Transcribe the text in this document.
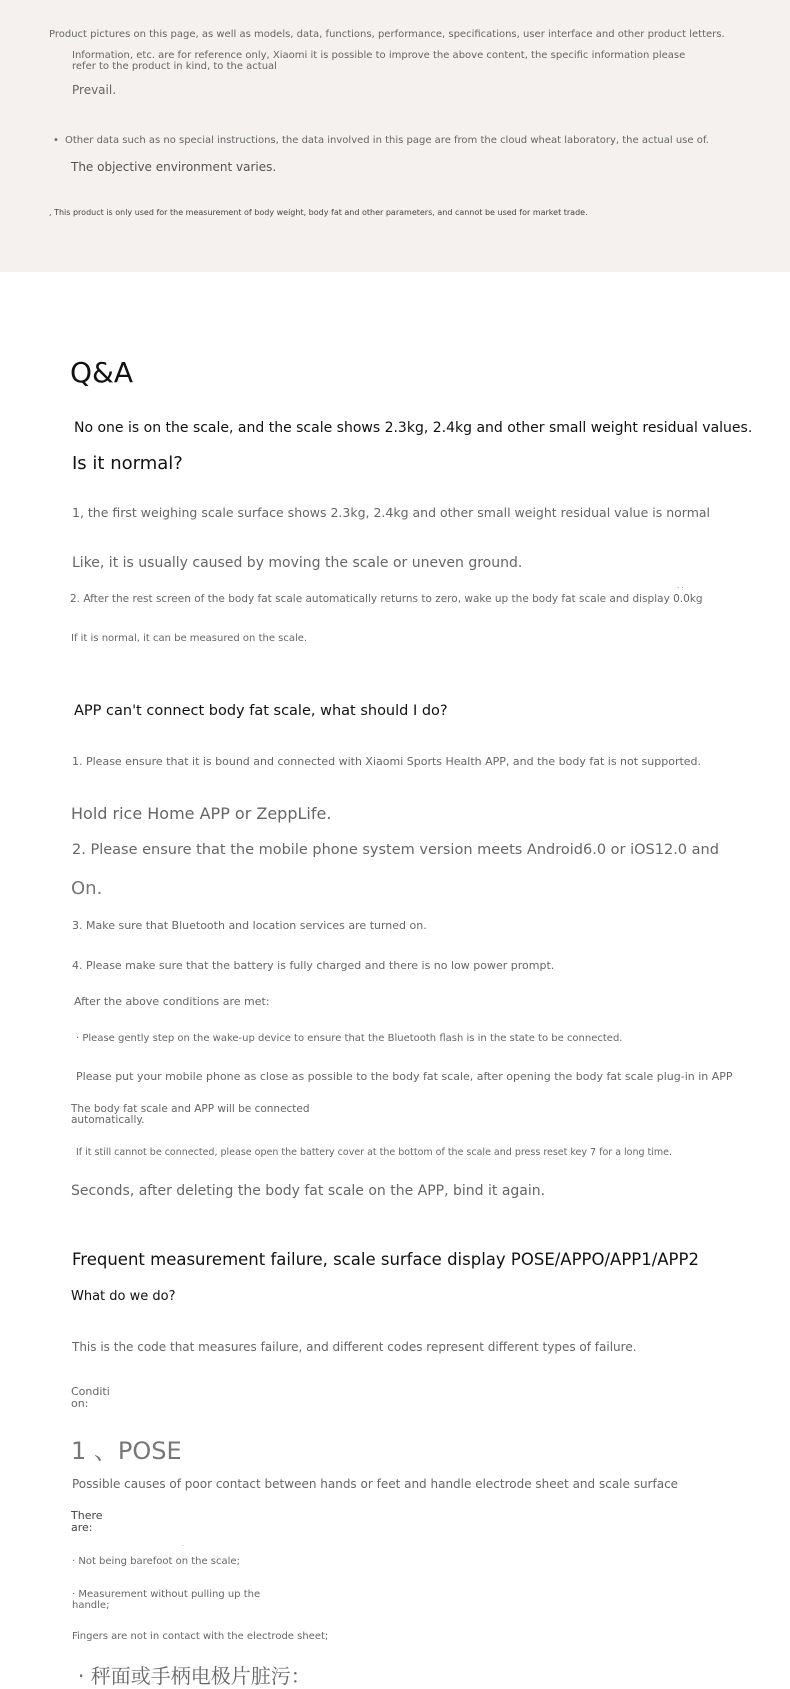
Product pictures on this page, as well as models, data, functions, performance, specifications, user interface and other product letters.
Information, etc. are for reference only, Xiaomi it is possible to improve the above content, the specific information please refer to the product in kind, to the actual
Prevail.
• Other data such as no special instructions, the data involved in this page are from the cloud wheat laboratory, the actual use of.
The objective environment varies.
, This product is only used for the measurement of body weight, body fat and other parameters, and cannot be used for market trade.
Q&A
No one is on the scale, and the scale shows 2.3kg, 2.4kg and other small weight residual values.
Is it normal?
1, the first weighing scale surface shows 2.3kg, 2.4kg and other small weight residual value is normal
Like, it is usually caused by moving the scale or uneven ground.
. .
2. After the rest screen of the body fat scale automatically returns to zero, wake up the body fat scale and display 0.0kg
If it is normal, it can be measured on the scale.
APP can't connect body fat scale, what should I do?
1. Please ensure that it is bound and connected with Xiaomi Sports Health APP, and the body fat is not supported.
Hold rice Home APP or ZeppLife.
2. Please ensure that the mobile phone system version meets Android6.0 or iOS12.0 and
On.
3. Make sure that Bluetooth and location services are turned on.
4. Please make sure that the battery is fully charged and there is no low power prompt.
After the above conditions are met:
· Please gently step on the wake-up device to ensure that the Bluetooth flash is in the state to be connected.
Please put your mobile phone as close as possible to the body fat scale, after opening the body fat scale plug-in in APP
The body fat scale and APP will be connected automatically.
If it still cannot be connected, please open the battery cover at the bottom of the scale and press reset key 7 for a long time.
Seconds, after deleting the body fat scale on the APP, bind it again.
Frequent measurement failure, scale surface display POSE/APPO/APP1/APP2
What do we do?
This is the code that measures failure, and different codes represent different types of failure.
Condition:
1 、POSE
Possible causes of poor contact between hands or feet and handle electrode sheet and scale surface
There are:
.
· Not being barefoot on the scale;
· Measurement without pulling up the handle;
Fingers are not in contact with the electrode sheet;
· 秤面或手柄电极片脏污：
